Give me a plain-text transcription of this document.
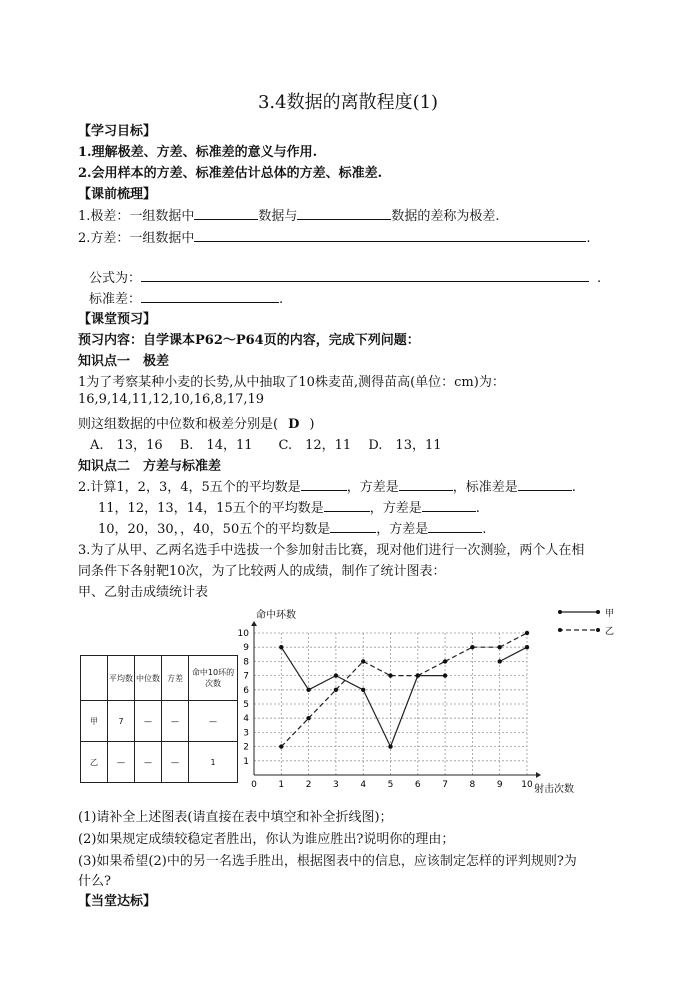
3.4数据的离散程度(1)
【学习目标】
1.理解极差、方差、标准差的意义与作用.
2.会用样本的方差、标准差估计总体的方差、标准差.
【课前梳理】
1.极差：一组数据中	数据与	数据的差称为极差.
2.方差：一组数据中	.
公式为：	.
标准差：	.
【课堂预习】
预习内容：自学课本P62～P64页的内容，完成下列问题：
知识点一　极差
1为了考察某种小麦的长势,从中抽取了10株麦苗,测得苗高(单位：cm)为：
16,9,14,11,12,10,16,8,17,19
则这组数据的中位数和极差分别是( D )
A.　13，16　 B.　14，11　　C.　12，11　 D.　13，11
知识点二　方差与标准差
2.计算1，2，3，4，5五个的平均数是	，方差是	，标准差是	.
11，12，13，14，15五个的平均数是	，方差是	.
10，20，30，，40，50五个的平均数是	，方差是	.
3.为了从甲、乙两名选手中选拔一个参加射击比赛，现对他们进行一次测验，两个人在相
同条件下各射靶10次，为了比较两人的成绩，制作了统计图表：
甲、乙射击成绩统计表
	平均数	中位数	方差	命中10环的次数
甲	7	—	—	—
乙	—	—	—	1
命中环数
射击次数
0 1 2 3 4 5 6 7 8 9 10
1
2
3
4
5
6
7
8
9
10
甲
乙
(1)请补全上述图表(请直接在表中填空和补全折线图)；
(2)如果规定成绩较稳定者胜出，你认为谁应胜出?说明你的理由；
(3)如果希望(2)中的另一名选手胜出，根据图表中的信息，应该制定怎样的评判规则?为
什么?
【当堂达标】
